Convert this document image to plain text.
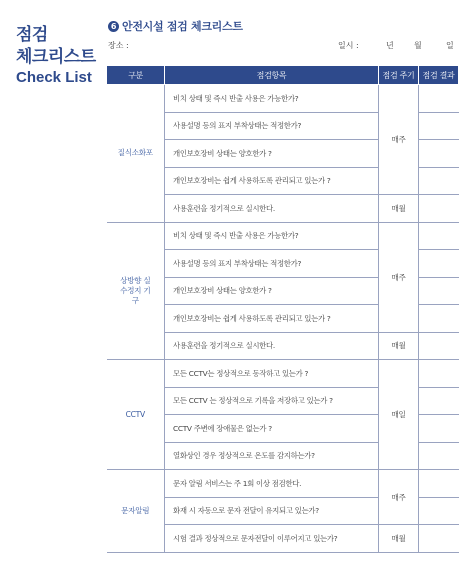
점검
체크리스트
Check List
6 안전시설 점검 체크리스트
장소 :	일시 :	년	월	일
구분	점검항목	점검 주기	점검 결과
질식소화포	비치 상태 및 즉시 반출 사용은 가능한가?	매주	
	사용설명 등의 표지 부착상태는 적정한가?		
	개인보호장비 상태는 양호한가 ?		
	개인보호장비는 쉽게 사용하도록 관리되고 있는가 ?		
	사용훈련을 정기적으로 실시한다.	매월	
상방향 실수정지 기구	비치 상태 및 즉시 반출 사용은 가능한가?	매주	
	사용설명 등의 표지 부착상태는 적정한가?		
	개인보호장비 상태는 양호한가 ?		
	개인보호장비는 쉽게 사용하도록 관리되고 있는가 ?		
	사용훈련을 정기적으로 실시한다.	매월	
CCTV	모든 CCTV는 정상적으로 동작하고 있는가 ?	매일	
	모든 CCTV 는 정상적으로 기록을 저장하고 있는가 ?		
	CCTV 주변에 장애물은 없는가 ?		
	열화상인 경우 정상적으로 온도를 감지하는가?		
문자알림	문자 알림 서비스는 주 1회 이상 점검한다.	매주	
	화재 시 자동으로 문자 전달이 유지되고 있는가?		
	시험 결과 정상적으로 문자전달이 이루어지고 있는가?	매월	
